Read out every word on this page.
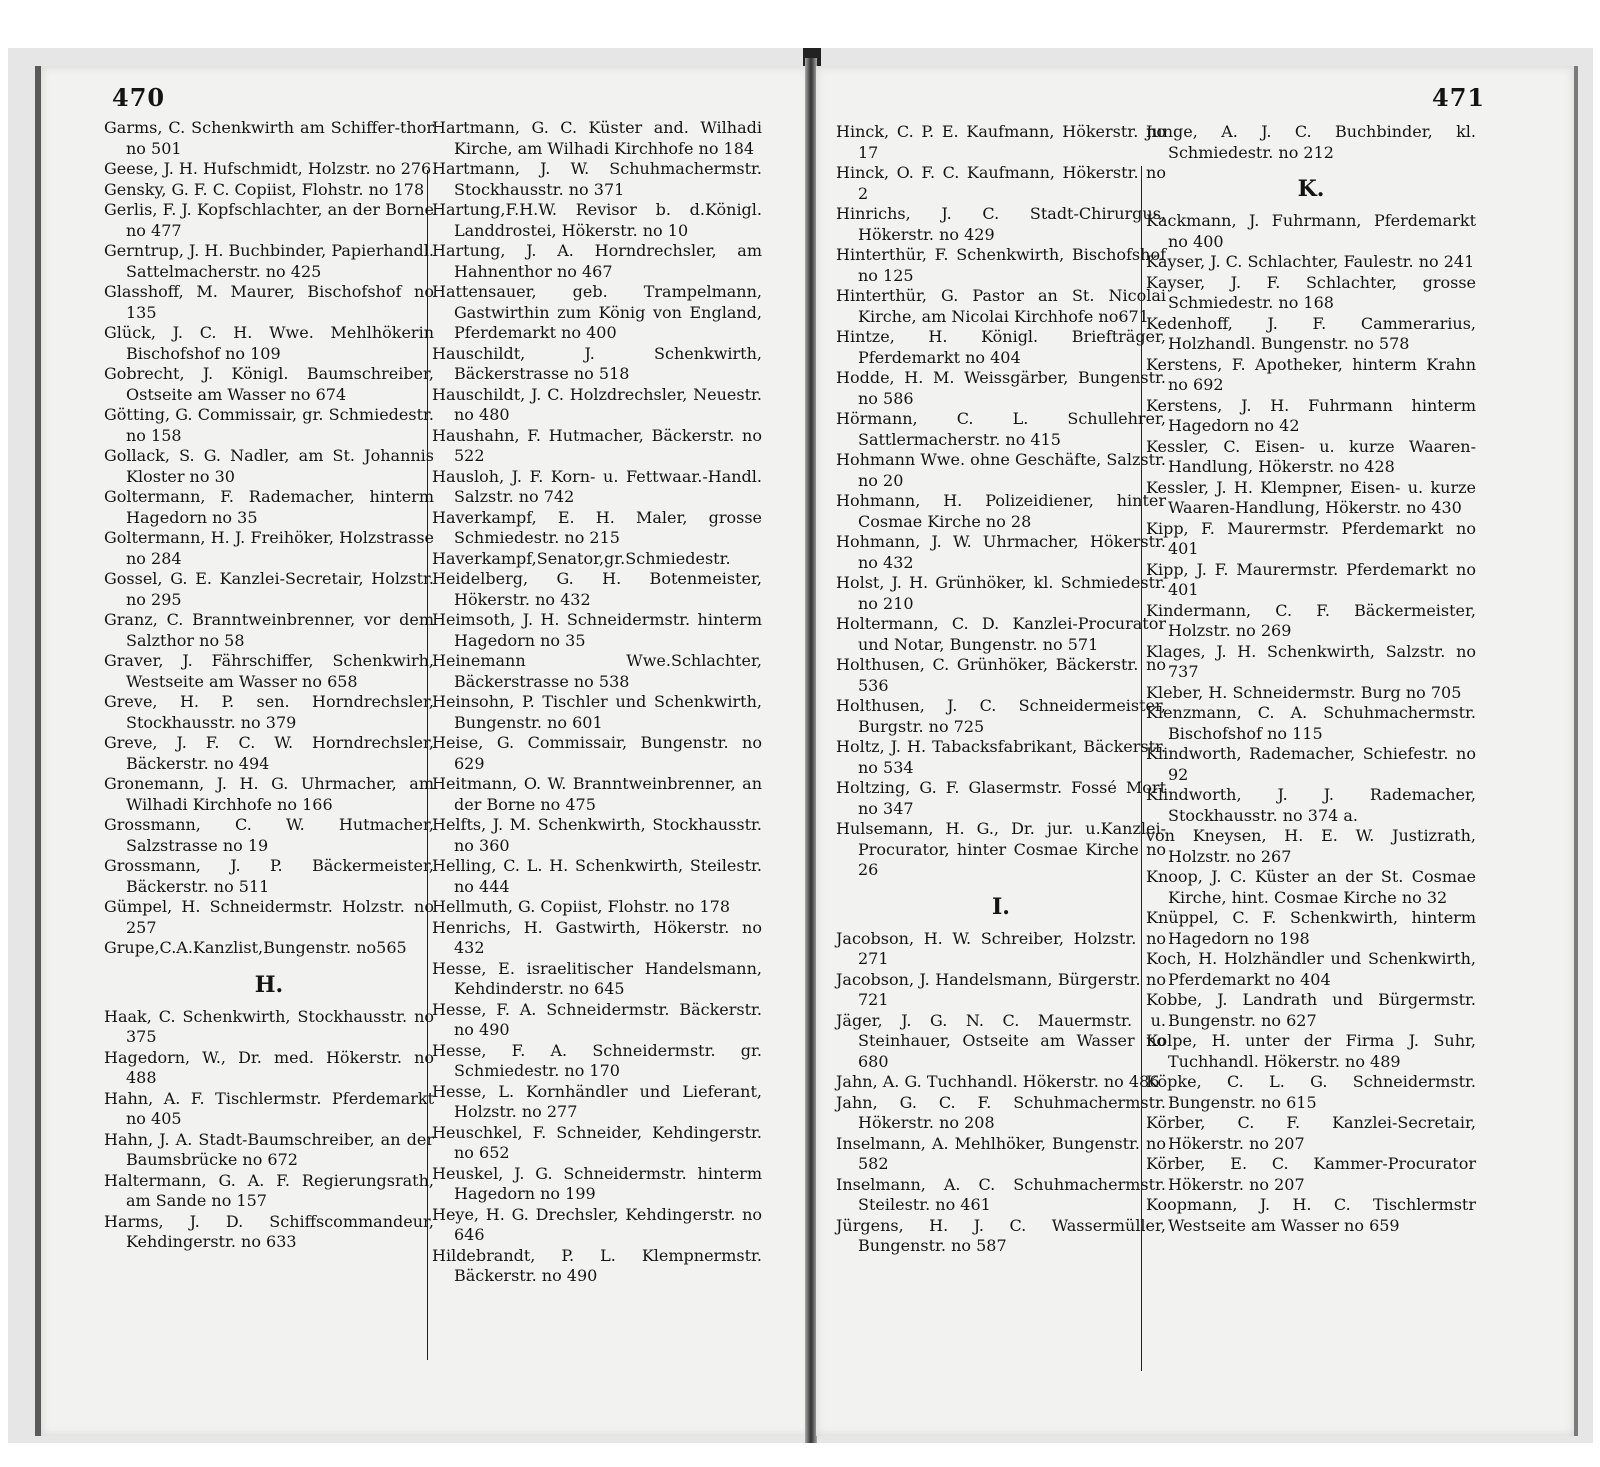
470	471

Garms, C. Schenkwirth am Schiffer-thor no 501

Geese, J. H. Hufschmidt, Holzstr. no 276

Gensky, G. F. C. Copiist, Flohstr. no 178

Gerlis, F. J. Kopfschlachter, an der Borne no 477

Gerntrup, J. H. Buchbinder, Papierhandl. Sattelmacherstr. no 425

Glasshoff, M. Maurer, Bischofshof no 135

Glück, J. C. H. Wwe. Mehlhökerin Bischofshof no 109

Gobrecht, J. Königl. Baumschreiber, Ostseite am Wasser no 674

Götting, G. Commissair, gr. Schmiedestr. no 158

Gollack, S. G. Nadler, am St. Johannis Kloster no 30

Goltermann, F. Rademacher, hinterm Hagedorn no 35

Goltermann, H. J. Freihöker, Holzstrasse no 284

Gossel, G. E. Kanzlei-Secretair, Holzstr. no 295

Granz, C. Branntweinbrenner, vor dem Salzthor no 58

Graver, J. Fährschiffer, Schenkwirh, Westseite am Wasser no 658

Greve, H. P. sen. Horndrechsler, Stockhausstr. no 379

Greve, J. F. C. W. Horndrechsler, Bäckerstr. no 494

Gronemann, J. H. G. Uhrmacher, am Wilhadi Kirchhofe no 166

Grossmann, C. W. Hutmacher, Salzstrasse no 19

Grossmann, J. P. Bäckermeister, Bäckerstr. no 511

Gümpel, H. Schneidermstr. Holzstr. no 257

Grupe,C.A.Kanzlist,Bungenstr. no565

H.

Haak, C. Schenkwirth, Stockhausstr. no 375

Hagedorn, W., Dr. med. Hökerstr. no 488

Hahn, A. F. Tischlermstr. Pferdemarkt no 405

Hahn, J. A. Stadt-Baumschreiber, an der Baumsbrücke no 672

Haltermann, G. A. F. Regierungsrath, am Sande no 157

Harms, J. D. Schiffscommandeur, Kehdingerstr. no 633

Hartmann, G. C. Küster and. Wilhadi Kirche, am Wilhadi Kirchhofe no 184

Hartmann, J. W. Schuhmachermstr. Stockhausstr. no 371

Hartung,F.H.W. Revisor b. d.Königl. Landdrostei, Hökerstr. no 10

Hartung, J. A. Horndrechsler, am Hahnenthor no 467

Hattensauer, geb. Trampelmann, Gastwirthin zum König von England, Pferdemarkt no 400

Hauschildt, J. Schenkwirth, Bäckerstrasse no 518

Hauschildt, J. C. Holzdrechsler, Neuestr. no 480

Haushahn, F. Hutmacher, Bäckerstr. no 522

Hausloh, J. F. Korn- u. Fettwaar.-Handl. Salzstr. no 742

Haverkampf, E. H. Maler, grosse Schmiedestr. no 215

Haverkampf,Senator,gr.Schmiedestr.

Heidelberg, G. H. Botenmeister, Hökerstr. no 432

Heimsoth, J. H. Schneidermstr. hinterm Hagedorn no 35

Heinemann Wwe.Schlachter, Bäckerstrasse no 538

Heinsohn, P. Tischler und Schenkwirth, Bungenstr. no 601

Heise, G. Commissair, Bungenstr. no 629

Heitmann, O. W. Branntweinbrenner, an der Borne no 475

Helfts, J. M. Schenkwirth, Stockhausstr. no 360

Helling, C. L. H. Schenkwirth, Steilestr. no 444

Hellmuth, G. Copiist, Flohstr. no 178

Henrichs, H. Gastwirth, Hökerstr. no 432

Hesse, E. israelitischer Handelsmann, Kehdinderstr. no 645

Hesse, F. A. Schneidermstr. Bäckerstr. no 490

Hesse, F. A. Schneidermstr. gr. Schmiedestr. no 170

Hesse, L. Kornhändler und Lieferant, Holzstr. no 277

Heuschkel, F. Schneider, Kehdingerstr. no 652

Heuskel, J. G. Schneidermstr. hinterm Hagedorn no 199

Heye, H. G. Drechsler, Kehdingerstr. no 646

Hildebrandt, P. L. Klempnermstr. Bäckerstr. no 490

Hinck, C. P. E. Kaufmann, Hökerstr. no 17

Hinck, O. F. C. Kaufmann, Hökerstr. no 2

Hinrichs, J. C. Stadt-Chirurgus, Hökerstr. no 429

Hinterthür, F. Schenkwirth, Bischofshof no 125

Hinterthür, G. Pastor an St. Nicolai Kirche, am Nicolai Kirchhofe no671

Hintze, H. Königl. Briefträger, Pferdemarkt no 404

Hodde, H. M. Weissgärber, Bungenstr. no 586

Hörmann, C. L. Schullehrer, Sattlermacherstr. no 415

Hohmann Wwe. ohne Geschäfte, Salzstr. no 20

Hohmann, H. Polizeidiener, hinter Cosmae Kirche no 28

Hohmann, J. W. Uhrmacher, Hökerstr. no 432

Holst, J. H. Grünhöker, kl. Schmiedestr. no 210

Holtermann, C. D. Kanzlei-Procurator und Notar, Bungenstr. no 571

Holthusen, C. Grünhöker, Bäckerstr. no 536

Holthusen, J. C. Schneidermeister, Burgstr. no 725

Holtz, J. H. Tabacksfabrikant, Bäckerstr. no 534

Holtzing, G. F. Glasermstr. Fossé Mort no 347

Hulsemann, H. G., Dr. jur. u.Kanzlei-Procurator, hinter Cosmae Kirche no 26

I.

Jacobson, H. W. Schreiber, Holzstr. no 271

Jacobson, J. Handelsmann, Bürgerstr. no 721

Jäger, J. G. N. C. Mauermstr. u. Steinhauer, Ostseite am Wasser no 680

Jahn, A. G. Tuchhandl. Hökerstr. no 486

Jahn, G. C. F. Schuhmachermstr. Hökerstr. no 208

Inselmann, A. Mehlhöker, Bungenstr. no 582

Inselmann, A. C. Schuhmachermstr. Steilestr. no 461

Jürgens, H. J. C. Wassermüller, Bungenstr. no 587

Junge, A. J. C. Buchbinder, kl. Schmiedestr. no 212

K.

Kackmann, J. Fuhrmann, Pferdemarkt no 400

Kayser, J. C. Schlachter, Faulestr. no 241

Kayser, J. F. Schlachter, grosse Schmiedestr. no 168

Kedenhoff, J. F. Cammerarius, Holzhandl. Bungenstr. no 578

Kerstens, F. Apotheker, hinterm Krahn no 692

Kerstens, J. H. Fuhrmann hinterm Hagedorn no 42

Kessler, C. Eisen- u. kurze Waaren-Handlung, Hökerstr. no 428

Kessler, J. H. Klempner, Eisen- u. kurze Waaren-Handlung, Hökerstr. no 430

Kipp, F. Maurermstr. Pferdemarkt no 401

Kipp, J. F. Maurermstr. Pferdemarkt no 401

Kindermann, C. F. Bäckermeister, Holzstr. no 269

Klages, J. H. Schenkwirth, Salzstr. no 737

Kleber, H. Schneidermstr. Burg no 705

Klenzmann, C. A. Schuhmachermstr. Bischofshof no 115

Klindworth, Rademacher, Schiefestr. no 92

Klindworth, J. J. Rademacher, Stockhausstr. no 374 a.

von Kneysen, H. E. W. Justizrath, Holzstr. no 267

Knoop, J. C. Küster an der St. Cosmae Kirche, hint. Cosmae Kirche no 32

Knüppel, C. F. Schenkwirth, hinterm Hagedorn no 198

Koch, H. Holzhändler und Schenkwirth, Pferdemarkt no 404

Kobbe, J. Landrath und Bürgermstr. Bungenstr. no 627

Kolpe, H. unter der Firma J. Suhr, Tuchhandl. Hökerstr. no 489

Köpke, C. L. G. Schneidermstr. Bungenstr. no 615

Körber, C. F. Kanzlei-Secretair, Hökerstr. no 207

Körber, E. C. Kammer-Procurator Hökerstr. no 207

Koopmann, J. H. C. Tischlermstr Westseite am Wasser no 659
